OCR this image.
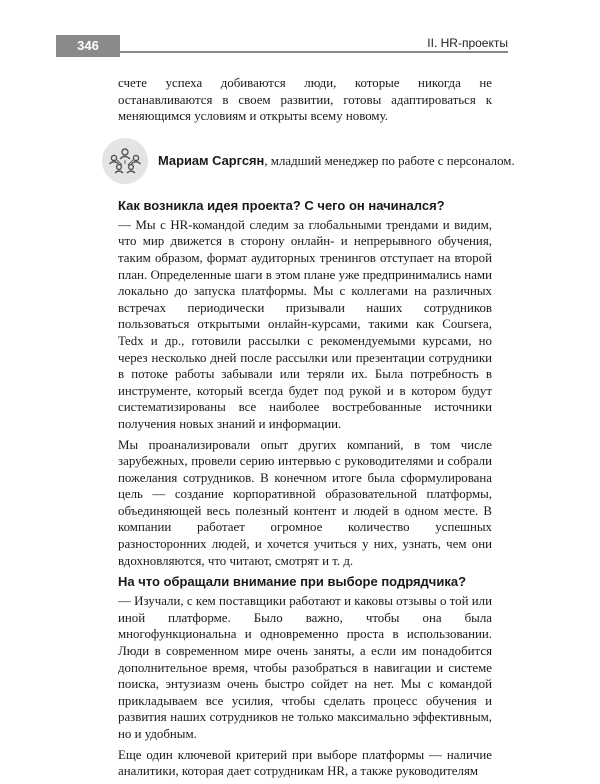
346	II. HR-проекты

счете успеха добиваются люди, которые никогда не останавливаются в своем развитии, готовы адаптироваться к меняющимся условиям и открыты всему новому.

Мариам Саргсян, младший менеджер по работе с персоналом.
Как возникла идея проекта? С чего он начинался?

— Мы с HR-командой следим за глобальными трендами и видим, что мир движется в сторону онлайн- и непрерывного обучения, таким образом, формат аудиторных тренингов отступает на второй план. Определенные шаги в этом плане уже предпринимались нами локально до запуска платформы. Мы с коллегами на различных встречах периодически призывали наших сотрудников пользоваться открытыми онлайн-курсами, такими как Coursera, Tedx и др., готовили рассылки с рекомендуемыми курсами, но через несколько дней после рассылки или презентации сотрудники в потоке работы забывали или теряли их. Была потребность в инструменте, который всегда будет под рукой и в котором будут систематизированы все наиболее востребованные источники получения новых знаний и информации.

Мы проанализировали опыт других компаний, в том числе зарубежных, провели серию интервью с руководителями и собрали пожелания сотрудников. В конечном итоге была сформулирована цель — создание корпоративной образовательной платформы, объединяющей весь полезный контент и людей в одном месте. В компании работает огромное количество успешных разносторонних людей, и хочется учиться у них, узнать, чем они вдохновляются, что читают, смотрят и т. д.

На что обращали внимание при выборе подрядчика?

— Изучали, с кем поставщики работают и каковы отзывы о той или иной платформе. Было важно, чтобы она была многофункциональна и одновременно проста в использовании. Люди в современном мире очень заняты, а если им понадобится дополнительное время, чтобы разобраться в навигации и системе поиска, энтузиазм очень быстро сойдет на нет. Мы с командой прикладываем все усилия, чтобы сделать процесс обучения и развития наших сотрудников не только максимально эффективным, но и удобным.

Еще один ключевой критерий при выборе платформы — наличие аналитики, которая дает сотрудникам HR, а также руководителям
